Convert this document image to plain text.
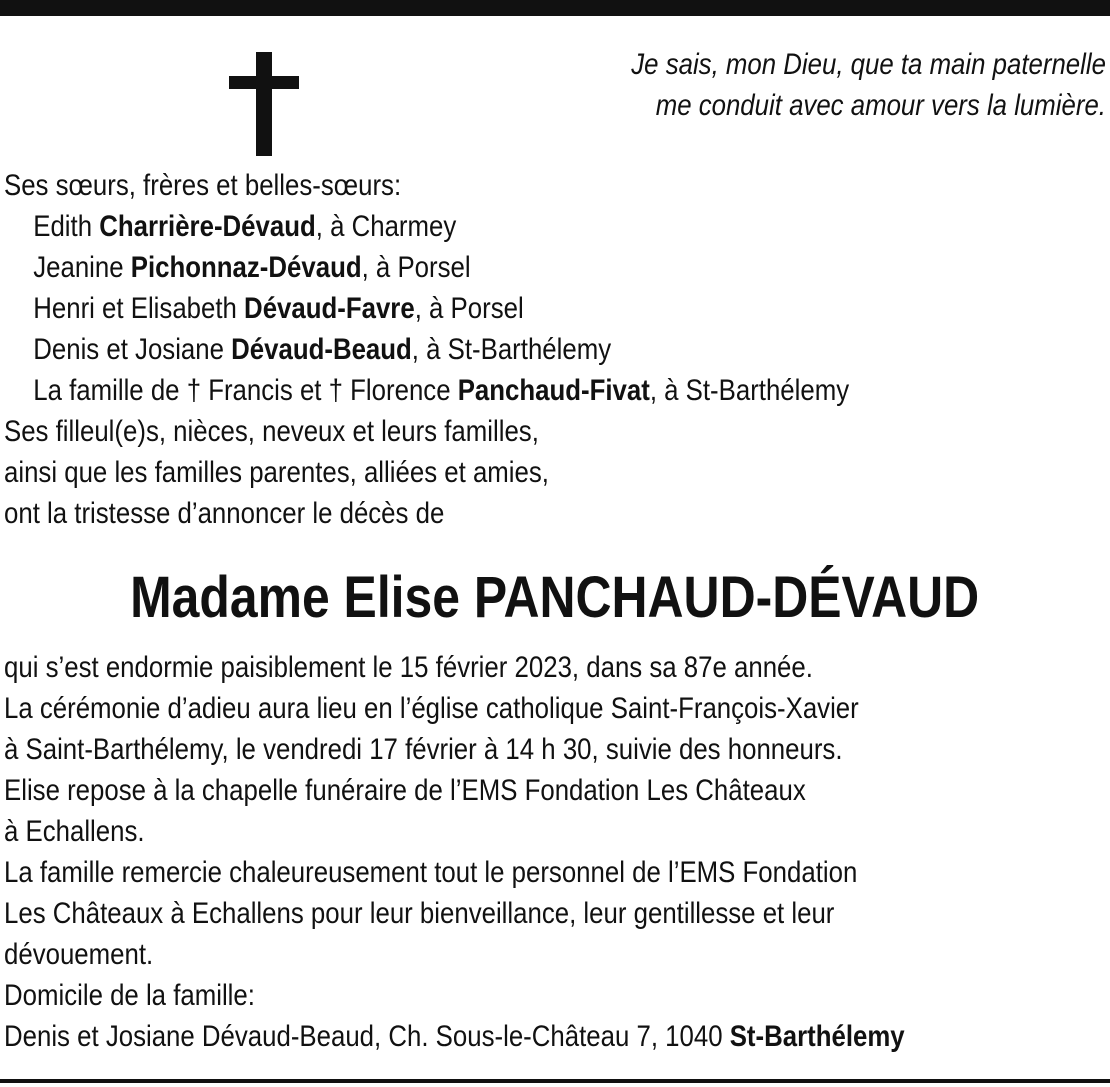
Je sais, mon Dieu, que ta main paternelle
me conduit avec amour vers la lumière.
Ses sœurs, frères et belles-sœurs:
Edith Charrière-Dévaud, à Charmey
Jeanine Pichonnaz-Dévaud, à Porsel
Henri et Elisabeth Dévaud-Favre, à Porsel
Denis et Josiane Dévaud-Beaud, à St-Barthélemy
La famille de † Francis et † Florence Panchaud-Fivat, à St-Barthélemy
Ses filleul(e)s, nièces, neveux et leurs familles,
ainsi que les familles parentes, alliées et amies,
ont la tristesse d’annoncer le décès de
Madame Elise PANCHAUD-DÉVAUD
qui s’est endormie paisiblement le 15 février 2023, dans sa 87e année.
La cérémonie d’adieu aura lieu en l’église catholique Saint-François-Xavier
à Saint-Barthélemy, le vendredi 17 février à 14 h 30, suivie des honneurs.
Elise repose à la chapelle funéraire de l’EMS Fondation Les Châteaux
à Echallens.
La famille remercie chaleureusement tout le personnel de l’EMS Fondation
Les Châteaux à Echallens pour leur bienveillance, leur gentillesse et leur
dévouement.
Domicile de la famille:
Denis et Josiane Dévaud-Beaud, Ch. Sous-le-Château 7, 1040 St-Barthélemy
